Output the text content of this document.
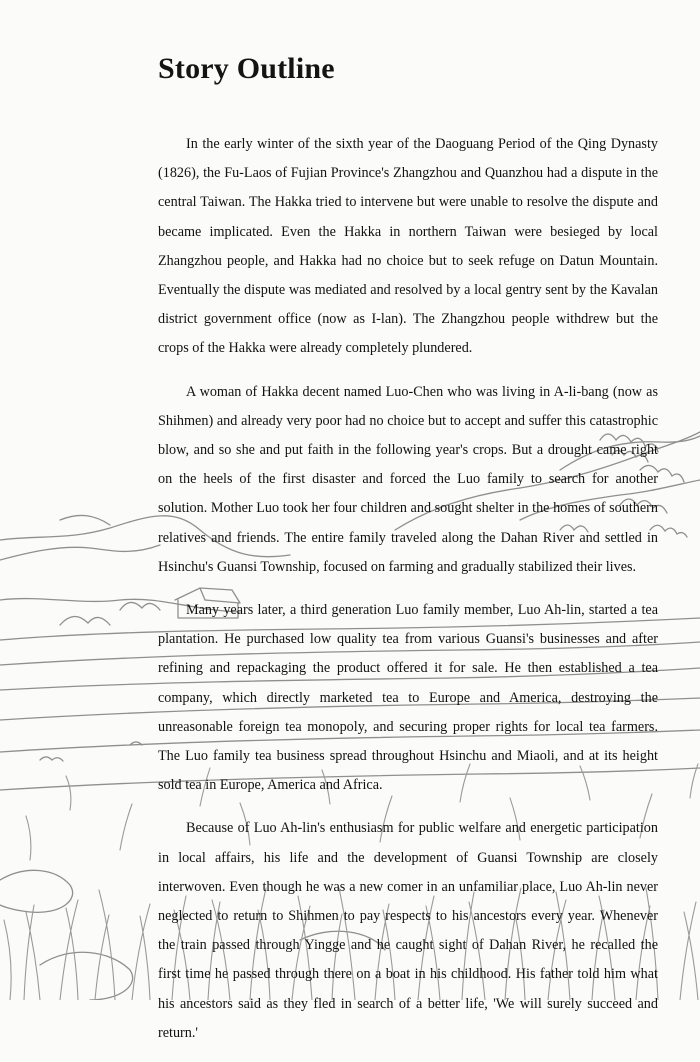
Story Outline

In the early winter of the sixth year of the Daoguang Period of the Qing Dynasty (1826), the Fu-Laos of Fujian Province's Zhangzhou and Quanzhou had a dispute in the central Taiwan. The Hakka tried to intervene but were unable to resolve the dispute and became implicated. Even the Hakka in northern Taiwan were besieged by local Zhangzhou people, and Hakka had no choice but to seek refuge on Datun Mountain. Eventually the dispute was mediated and resolved by a local gentry sent by the Kavalan district government office (now as I-lan). The Zhangzhou people withdrew but the crops of the Hakka were already completely plundered.

A woman of Hakka decent named Luo-Chen who was living in A-li-bang (now as Shihmen) and already very poor had no choice but to accept and suffer this catastrophic blow, and so she and put faith in the following year's crops. But a drought came right on the heels of the first disaster and forced the Luo family to search for another solution. Mother Luo took her four children and sought shelter in the homes of southern relatives and friends. The entire family traveled along the Dahan River and settled in Hsinchu's Guansi Township, focused on farming and gradually stabilized their lives.

Many years later, a third generation Luo family member, Luo Ah-lin, started a tea plantation. He purchased low quality tea from various Guansi's businesses and after refining and repackaging the product offered it for sale. He then established a tea company, which directly marketed tea to Europe and America, destroying the unreasonable foreign tea monopoly, and securing proper rights for local tea farmers. The Luo family tea business spread throughout Hsinchu and Miaoli, and at its height sold tea in Europe, America and Africa.

Because of Luo Ah-lin's enthusiasm for public welfare and energetic participation in local affairs, his life and the development of Guansi Township are closely interwoven. Even though he was a new comer in an unfamiliar place, Luo Ah-lin never neglected to return to Shihmen to pay respects to his ancestors every year. Whenever the train passed through Yingge and he caught sight of Dahan River, he recalled the first time he passed through there on a boat in his childhood. His father told him what his ancestors said as they fled in search of a better life, 'We will surely succeed and return.'
